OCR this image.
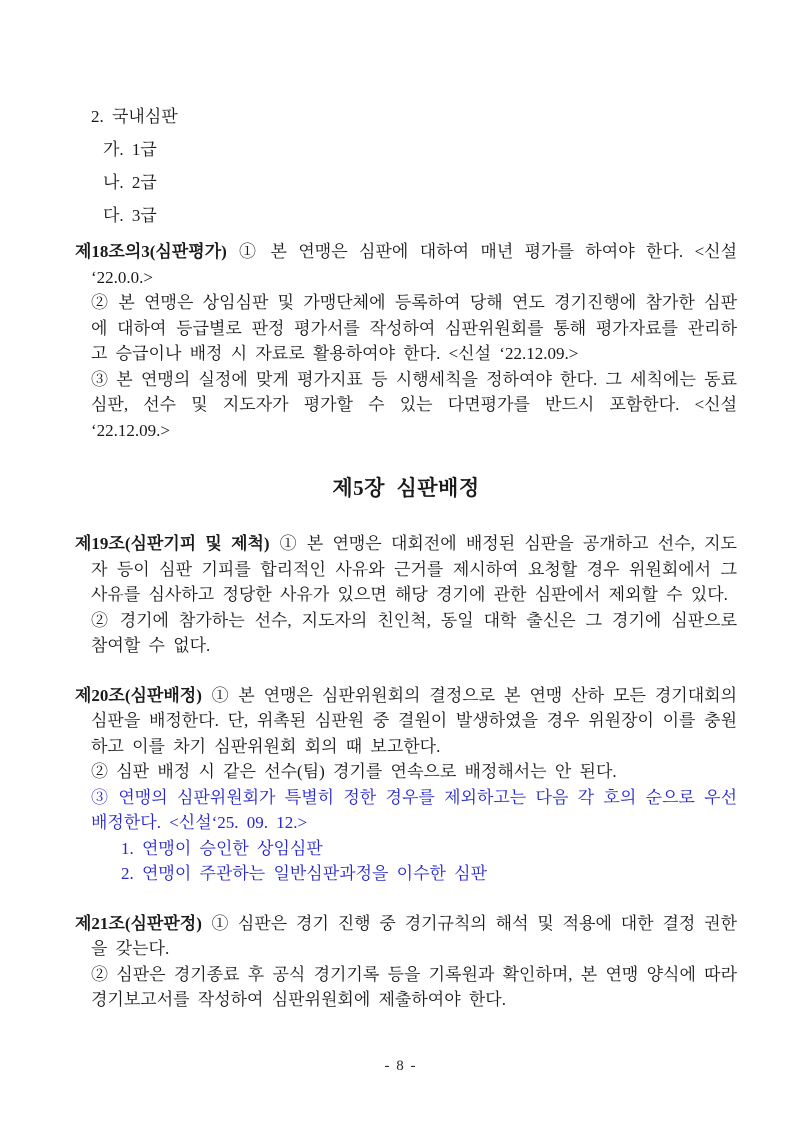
2. 국내심판

가. 1급

나. 2급

다. 3급

제18조의3(심판평가) ① 본 연맹은 심판에 대하여 매년 평가를 하여야 한다. <신설 ‘22.0.0.>

② 본 연맹은 상임심판 및 가맹단체에 등록하여 당해 연도 경기진행에 참가한 심판에 대하여 등급별로 판정 평가서를 작성하여 심판위원회를 통해 평가자료를 관리하고 승급이나 배정 시 자료로 활용하여야 한다. <신설 ‘22.12.09.>

③ 본 연맹의 실정에 맞게 평가지표 등 시행세칙을 정하여야 한다. 그 세칙에는 동료심판, 선수 및 지도자가 평가할 수 있는 다면평가를 반드시 포함한다. <신설 ‘22.12.09.>

제5장  심판배정

제19조(심판기피 및 제척) ① 본 연맹은 대회전에 배정된 심판을 공개하고 선수, 지도자 등이 심판 기피를 합리적인 사유와 근거를 제시하여 요청할 경우 위원회에서 그 사유를 심사하고 정당한 사유가 있으면 해당 경기에 관한 심판에서 제외할 수 있다.

② 경기에 참가하는 선수, 지도자의 친인척, 동일 대학 출신은 그 경기에 심판으로 참여할 수 없다.

제20조(심판배정) ① 본 연맹은 심판위원회의 결정으로 본 연맹 산하 모든 경기대회의 심판을 배정한다. 단, 위촉된 심판원 중 결원이 발생하였을 경우 위원장이 이를 충원하고 이를 차기 심판위원회 회의 때 보고한다.

② 심판 배정 시 같은 선수(팀) 경기를 연속으로 배정해서는 안 된다.

③ 연맹의 심판위원회가 특별히 정한 경우를 제외하고는 다음 각 호의 순으로 우선 배정한다. <신설‘25. 09. 12.>

1. 연맹이 승인한 상임심판

2. 연맹이 주관하는 일반심판과정을 이수한 심판

제21조(심판판정) ① 심판은 경기 진행 중 경기규칙의 해석 및 적용에 대한 결정 권한을 갖는다.

② 심판은 경기종료 후 공식 경기기록 등을 기록원과 확인하며, 본 연맹 양식에 따라 경기보고서를 작성하여 심판위원회에 제출하여야 한다.

- 8 -
